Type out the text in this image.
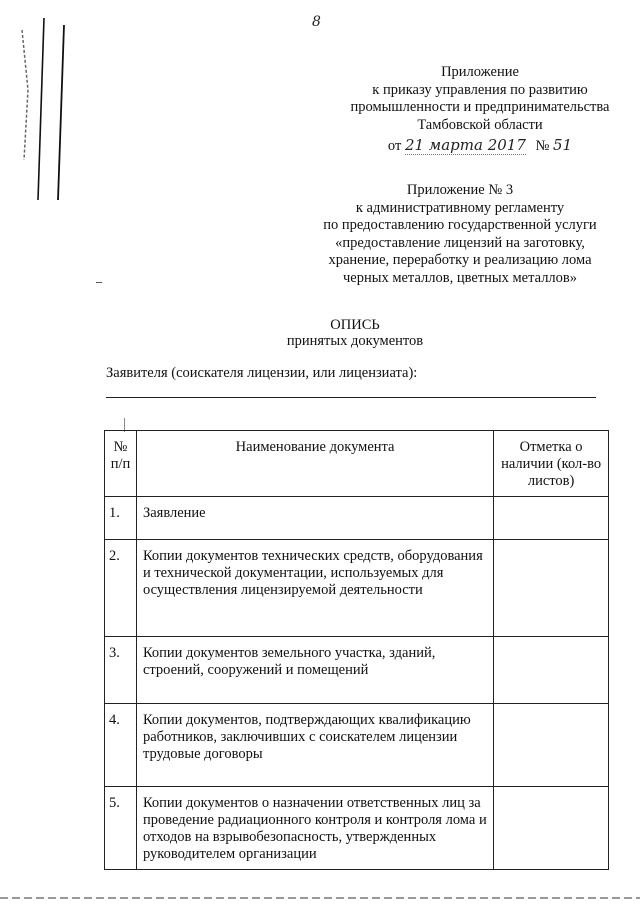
8
Приложение
к приказу управления по развитию
промышленности и предпринимательства
Тамбовской области
от 21 марта 2017 № 51
Приложение № 3
к административному регламенту
по предоставлению государственной услуги
«предоставление лицензий на заготовку,
хранение, переработку и реализацию лома
черных металлов, цветных металлов»
ОПИСЬ
принятых документов
Заявителя (соискателя лицензии, или лицензиата):
№ п/п	Наименование документа	Отметка о наличии (кол-во листов)
1.	Заявление	
2.	Копии документов технических средств, оборудования и технической документации, используемых для осуществления лицензируемой деятельности	
3.	Копии документов земельного участка, зданий, строений, сооружений и помещений	
4.	Копии документов, подтверждающих квалификацию работников, заключивших с соискателем лицензии трудовые договоры	
5.	Копии документов о назначении ответственных лиц за проведение радиационного контроля и контроля лома и отходов на взрывобезопасность, утвержденных руководителем организации	
